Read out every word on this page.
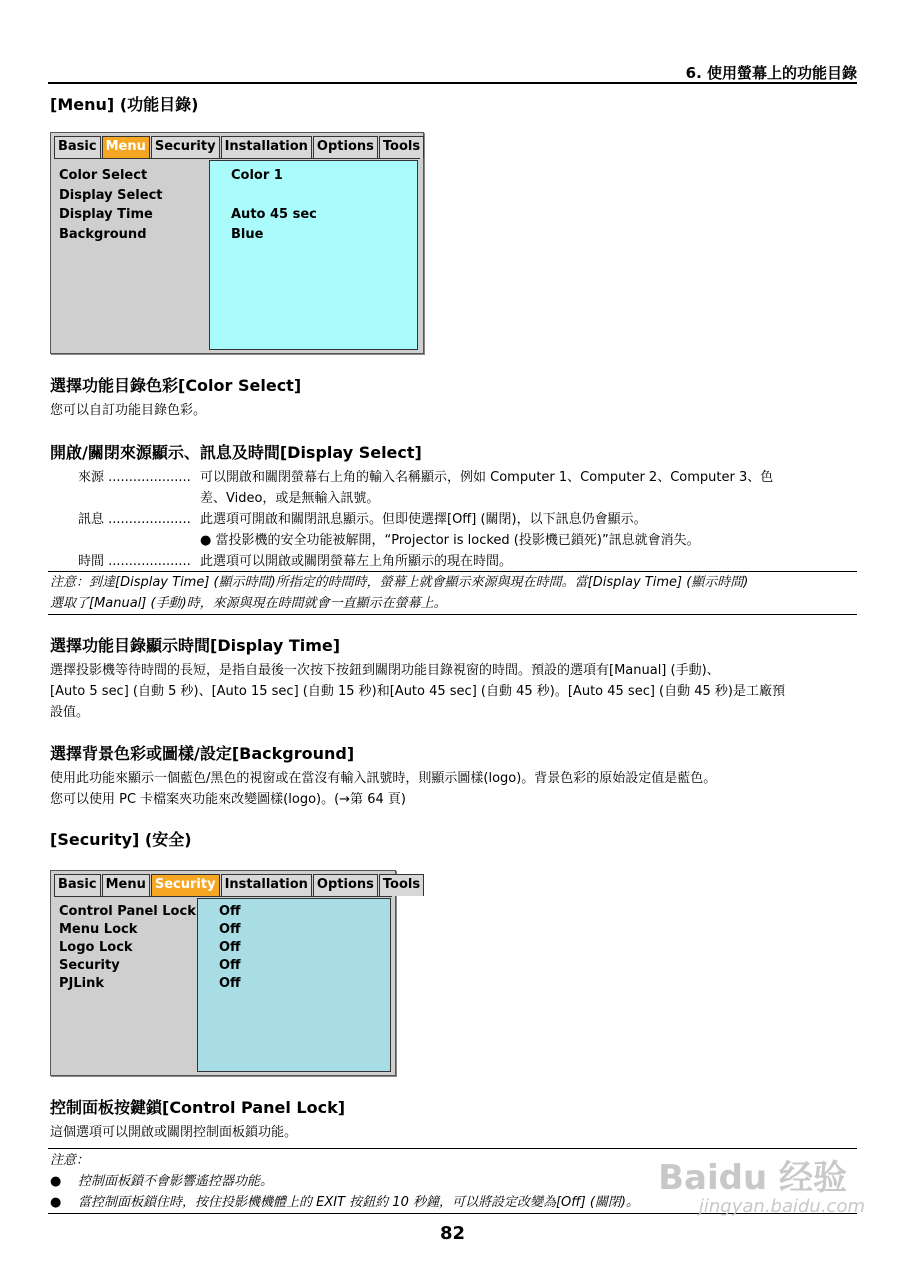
6. 使用螢幕上的功能目錄
[Menu] (功能目錄)
Basic Menu Security Installation Options Tools
Color Select
Display Select
Display Time
Background
Color 1
Auto 45 sec
Blue
選擇功能目錄色彩[Color Select]
您可以自訂功能目錄色彩。
開啟/關閉來源顯示、訊息及時間[Display Select]
來源 .................... 可以開啟和關閉螢幕右上角的輸入名稱顯示，例如 Computer 1、Computer 2、Computer 3、色
差、Video，或是無輸入訊號。
訊息 .................... 此選項可開啟和關閉訊息顯示。但即使選擇[Off] (關閉)，以下訊息仍會顯示。
● 當投影機的安全功能被解開，“Projector is locked (投影機已鎖死)”訊息就會消失。
時間 .................... 此選項可以開啟或關閉螢幕左上角所顯示的現在時間。
注意：到達[Display Time] (顯示時間)所指定的時間時，螢幕上就會顯示來源與現在時間。當[Display Time] (顯示時間)
選取了[Manual] (手動)時，來源與現在時間就會一直顯示在螢幕上。
選擇功能目錄顯示時間[Display Time]
選擇投影機等待時間的長短，是指自最後一次按下按鈕到關閉功能目錄視窗的時間。預設的選項有[Manual] (手動)、
[Auto 5 sec] (自動 5 秒)、[Auto 15 sec] (自動 15 秒)和[Auto 45 sec] (自動 45 秒)。[Auto 45 sec] (自動 45 秒)是工廠預
設值。
選擇背景色彩或圖樣/設定[Background]
使用此功能來顯示一個藍色/黑色的視窗或在當沒有輸入訊號時，則顯示圖樣(logo)。背景色彩的原始設定值是藍色。
您可以使用 PC 卡檔案夾功能來改變圖樣(logo)。(→第 64 頁)
[Security] (安全)
Basic Menu Security Installation Options Tools
Control Panel Lock
Menu Lock
Logo Lock
Security
PJLink
Off
Off
Off
Off
Off
控制面板按鍵鎖[Control Panel Lock]
這個選項可以開啟或關閉控制面板鎖功能。
注意：
● 控制面板鎖不會影響遙控器功能。
● 當控制面板鎖住時，按住投影機機體上的 EXIT 按鈕約 10 秒鐘，可以將設定改變為[Off] (關閉)。
Baidu 经验
jingyan.baidu.com
82
